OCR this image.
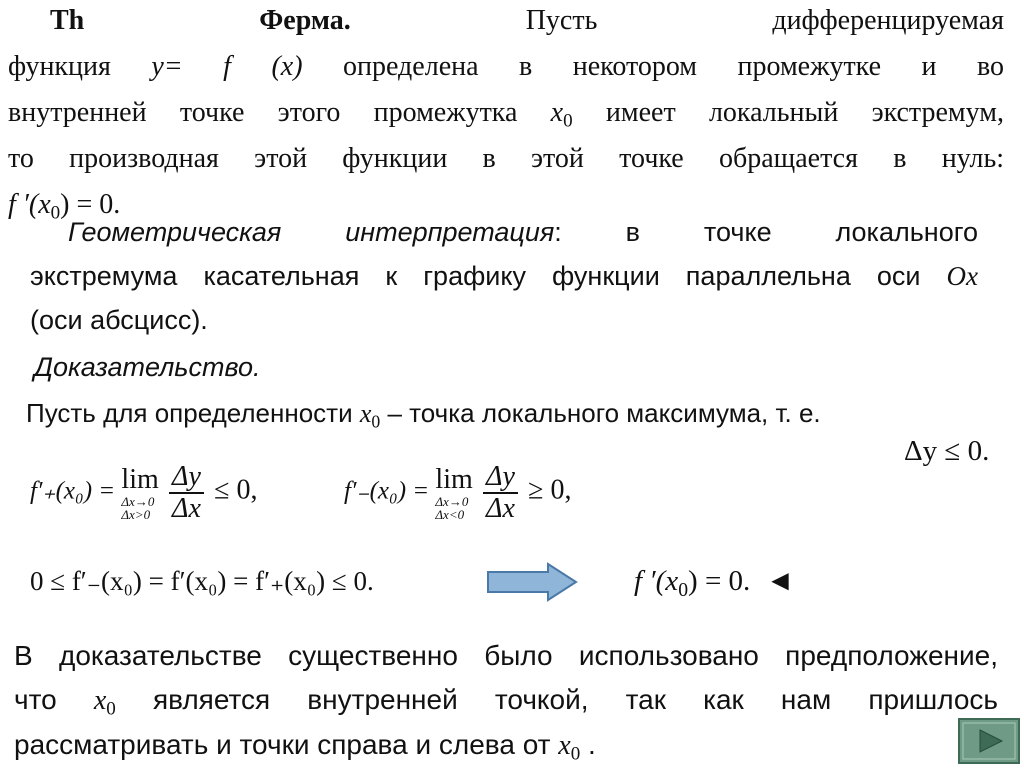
Th	Ферма.	Пусть дифференцируемая
функция y= f (x) определена в некотором промежутке и во
внутренней точке этого промежутка $x_0$ имеет локальный экстремум,
то производная этой функции в этой точке обращается в нуль:
f $'(x_0) = 0$.
Геометрическая интерпретация: в точке локального
экстремума касательная к графику функции параллельна оси Ox
(оси абсцисс).
Доказательство.
Пусть для определенности $x_0$ – точка локального максимума, т. е.
Δy ≤ 0.
f′₊(x₀) = lim
Δx→0
Δx>0
$\frac{\Delta y}{\Delta x} \le 0$,	f′₋(x₀) = lim
Δx→0
Δx<0
$\frac{\Delta y}{\Delta x} \ge 0$,
0 ≤ f′₋(x₀) = f′(x₀) = f′₊(x₀) ≤ 0.	f $'(x_0) = 0$. ◄
В доказательстве существенно было использовано предположение,
что $x_0$ является внутренней точкой, так как нам пришлось
рассматривать и точки справа и слева от $x_0$ .
